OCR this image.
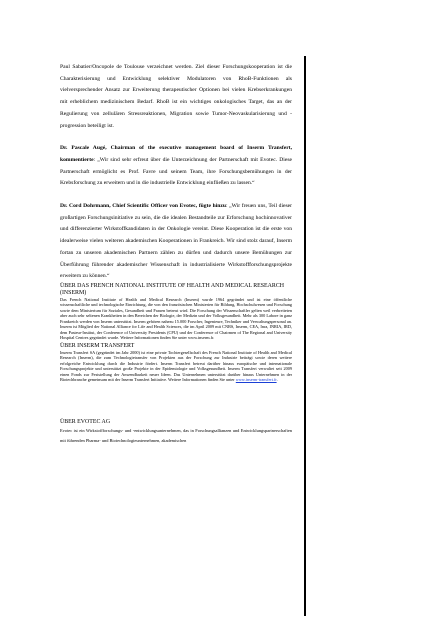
Paul Sabatier/Oncopole de Toulouse verzeichnet werden. Ziel dieser Forschungskooperation ist die Charakterisierung und Entwicklung selektiver Modulatoren von RhoB-Funktionen als vielversprechender Ansatz zur Erweiterung therapeutischer Optionen bei vielen Krebserkrankungen mit erheblichem medizinischem Bedarf. RhoB ist ein wichtiges onkologisches Target, das an der Regulierung von zellulären Stressreaktionen, Migration sowie Tumor-Neovaskularisierung und -progression beteiligt ist.

Dr. Pascale Augé, Chairman of the executive management board of Inserm Transfert, kommentierte: „Wir sind sehr erfreut über die Unterzeichnung der Partnerschaft mit Evotec. Diese Partnerschaft ermöglicht es Prof. Favre und seinem Team, ihre Forschungsbemühungen in der Krebsforschung zu erweitern und in die industrielle Entwicklung einfließen zu lassen.“

Dr. Cord Dohrmann, Chief Scientific Officer von Evotec, fügte hinzu: „Wir freuen uns, Teil dieser großartigen Forschungsinitiative zu sein, die die idealen Bestandteile zur Erforschung hochinnovativer und differenzierter Wirkstoffkandidaten in der Onkologie vereint. Diese Kooperation ist die erste von idealerweise vielen weiteren akademischen Kooperationen in Frankreich. Wir sind stolz darauf, Inserm fortan zu unseren akademischen Partnern zählen zu dürfen und dadurch unsere Bemühungen zur Überführung führender akademischer Wissenschaft in industrialisierte Wirkstoffforschungsprojekte erweitern zu können.“

ÜBER DAS FRENCH NATIONAL INSTITUTE OF HEALTH AND MEDICAL RESEARCH (INSERM)

Das French National Institute of Health and Medical Research (Inserm) wurde 1964 gegründet und ist eine öffentliche wissenschaftliche und technologische Einrichtung, die von den französischen Ministerien für Bildung, Hochschulwesen und Forschung sowie dem Ministerium für Soziales, Gesundheit und Frauen betreut wird. Die Forschung der Wissenschaftler gelten weil verbreiteten aber auch sehr seltenen Krankheiten in den Bereichen der Biologie, der Medizin und der Volksgesundheit. Mehr als 300 Labore in ganz Frankreich werden von Inserm unterstützt. Inserm gehören nahezu 15.000 Forscher, Ingenieure, Techniker und Verwaltungspersonal an. Inserm ist Mitglied der National Alliance for Life and Health Sciences, die im April 2009 mit CNRS, Inserm, CEA, Inra, INRIA, IRD, dem Pasteur-Institut, der Conference of University Presidents (CPU) und der Conference of Chairmen of The Regional and University Hospital Centres gegründet wurde. Weitere Informationen finden Sie unter www.inserm.fr.

ÜBER INSERM TRANSFERT

Inserm Transfert SA (gegründet im Jahr 2000) ist eine private Tochtergesellschaft des French National Institute of Health and Medical Research (Inserm), die zum Technologietransfer von Projekten aus der Forschung zur Industrie beiträgt sowie deren weitere erfolgreiche Entwicklung durch die Industrie fördert. Inserm Transfert betreut darüber hinaus europäische und internationale Forschungsprojekte und unterstützt große Projekte in der Epidemiologie und Volksgesundheit. Inserm Transfert verwaltet seit 2009 einen Fonds zur Feststellung der Anwendbarkeit neuer Ideen. Das Unternehmen unterstützt darüber hinaus Unternehmen in der Biotechbranche gemeinsam mit der Inserm Transfert Initiative. Weitere Informationen finden Sie unter www.inserm-transfert.fr.

ÜBER EVOTEC AG

Evotec ist ein Wirkstoffforschungs- und -entwicklungsunternehmen, das in Forschungsallianzen und Entwicklungspartnerschaften mit führenden Pharma- und Biotechnologieunternehmen, akademischen
